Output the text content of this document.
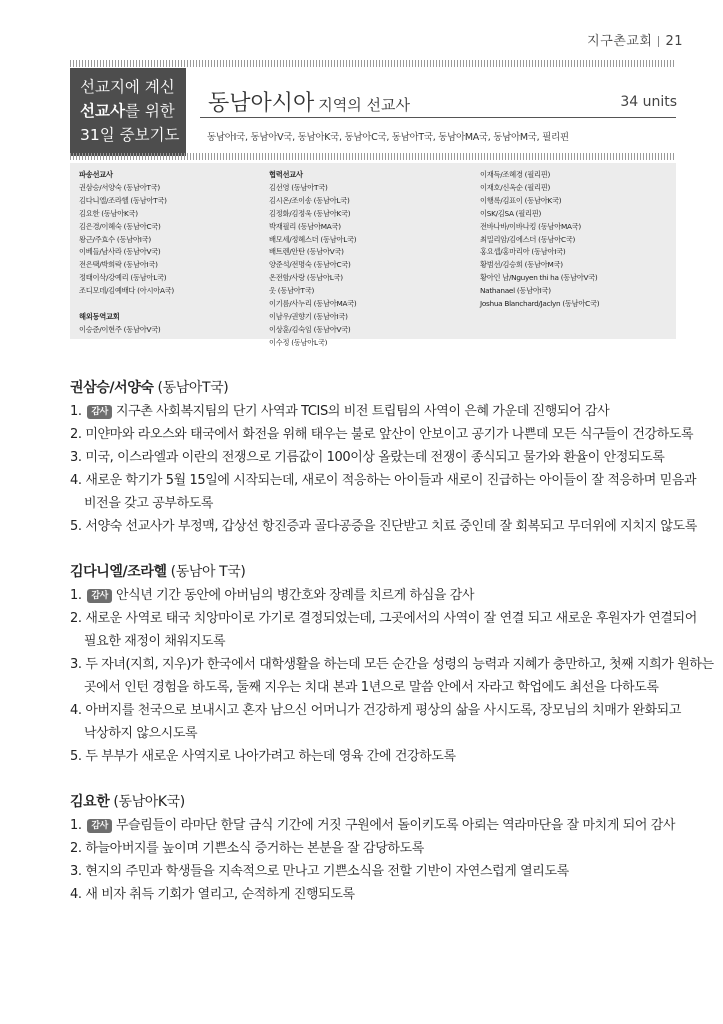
지구촌교회 21
선교지에 계신
선교사를 위한
31일 중보기도
동남아시아 지역의 선교사	34 units
동남아I국, 동남아V국, 동남아K국, 동남아C국, 동남아T국, 동남아MA국, 동남아M국, 필리핀
파송선교사
권삼승/서양숙 (동남아T국)
김다니엘/조라헬 (동남아T국)
김요한 (동남아K국)
김은경/이혜숙 (동남아C국)
왕근/주효수 (동남아I국)
이베들/남사라 (동남아V국)
전은택/박희락 (동남아I국)
정태이삭/강예리 (동남아L국)
조디모데/김예배다 (아시아A국)
해외동역교회
이승준/이현주 (동남아V국)
협력선교사
김선영 (동남아T국)
김시온/조이송 (동남아L국)
김정화/김정욱 (동남아K국)
박재필리 (동남아MA국)
배모세/정혜스더 (동남아L국)
배트렌/안탄 (동남아V국)
양준석/전명숙 (동남아C국)
온전함/사랑 (동남아L국)
옷 (동남아T국)
이기름/사누리 (동남아MA국)
이남우/권향기 (동남아I국)
이상훈/김숙임 (동남아V국)
이수정 (동남아L국)
이재득/조혜경 (필리핀)
이재호/신옥순 (필리핀)
이행록/김표이 (동남아K국)
이SK/김SA (필리핀)
전바나바/이바나킹 (동남아MA국)
최밀리암/김에스더 (동남아C국)
홍요셉/홍마리아 (동남아I국)
황범선/김승희 (동남아M국)
황아인 남/Nguyen thi ha (동남아V국)
Nathanael (동남아I국)
Joshua Blanchard/Jaclyn (동남아C국)
권삼승/서양숙 (동남아T국)
1. 감사 지구촌 사회복지팀의 단기 사역과 TCIS의 비전 트립팀의 사역이 은혜 가운데 진행되어 감사
2. 미얀마와 라오스와 태국에서 화전을 위해 태우는 불로 앞산이 안보이고 공기가 나쁜데 모든 식구들이 건강하도록
3. 미국, 이스라엘과 이란의 전쟁으로 기름값이 100이상 올랐는데 전쟁이 종식되고 물가와 환율이 안정되도록
4. 새로운 학기가 5월 15일에 시작되는데, 새로이 적응하는 아이들과 새로이 진급하는 아이들이 잘 적응하며 믿음과
비전을 갖고 공부하도록
5. 서양숙 선교사가 부정맥, 갑상선 항진증과 골다공증을 진단받고 치료 중인데 잘 회복되고 무더위에 지치지 않도록
김다니엘/조라헬 (동남아 T국)
1. 감사 안식년 기간 동안에 아버님의 병간호와 장례를 치르게 하심을 감사
2. 새로운 사역로 태국 치앙마이로 가기로 결정되었는데, 그곳에서의 사역이 잘 연결 되고 새로운 후원자가 연결되어
필요한 재정이 채워지도록
3. 두 자녀(지희, 지우)가 한국에서 대학생활을 하는데 모든 순간을 성령의 능력과 지혜가 충만하고, 첫째 지희가 원하는
곳에서 인턴 경험을 하도록, 둘째 지우는 치대 본과 1년으로 말씀 안에서 자라고 학업에도 최선을 다하도록
4. 아버지를 천국으로 보내시고 혼자 남으신 어머니가 건강하게 평상의 삶을 사시도록, 장모님의 치매가 완화되고
낙상하지 않으시도록
5. 두 부부가 새로운 사역지로 나아가려고 하는데 영육 간에 건강하도록
김요한 (동남아K국)
1. 감사 무슬림들이 라마단 한달 금식 기간에 거짓 구원에서 돌이키도록 아뢰는 역라마단을 잘 마치게 되어 감사
2. 하늘아버지를 높이며 기쁜소식 증거하는 본분을 잘 감당하도록
3. 현지의 주민과 학생들을 지속적으로 만나고 기쁜소식을 전할 기반이 자연스럽게 열리도록
4. 새 비자 취득 기회가 열리고, 순적하게 진행되도록
